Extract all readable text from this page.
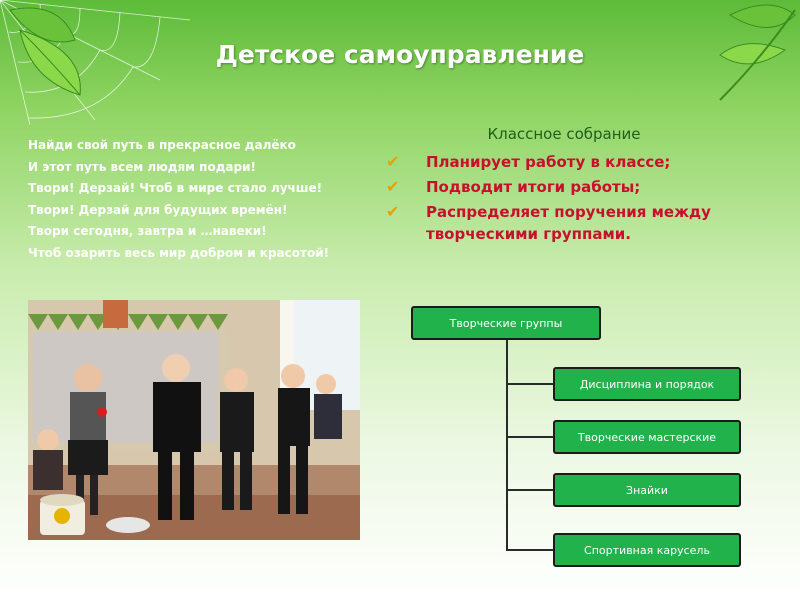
Детское самоуправление
Найди свой путь в прекрасное далёко
И этот путь всем людям подари!
Твори! Дерзай! Чтоб в мире стало лучше!
Твори! Дерзай для будущих времён!
Твори сегодня, завтра и …навеки!
Чтоб озарить весь мир добром и красотой!
Классное собрание
✔ Планирует работу в классе;
✔ Подводит итоги работы;
✔ Распределяет поручения между творческими группами.
Творческие группы
Дисциплина и порядок
Творческие мастерские
Знайки
Спортивная карусель
